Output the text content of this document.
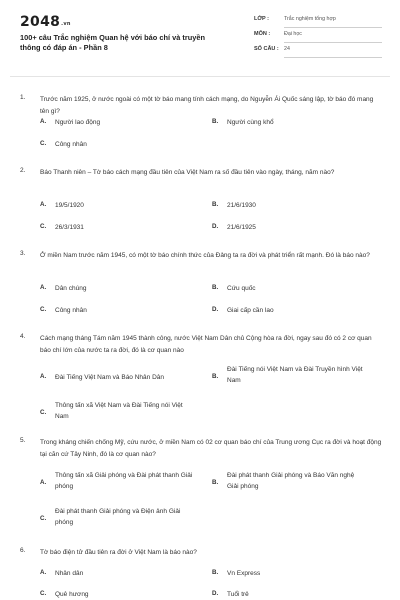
2048.vn
100+ câu Trắc nghiệm Quan hệ với báo chí và truyền thông có đáp án - Phần 8
LỚP :	Trắc nghiệm tổng hợp
MÔN :	Đại học
SỐ CÂU : 24
1. Trước năm 1925, ở nước ngoài có một tờ báo mang tính cách mạng, do Nguyễn Ái Quốc sáng lập, tờ báo đó mang tên gì?
A. Người lao động	B. Người cùng khổ
C. Công nhân
2. Báo Thanh niên – Tờ báo cách mạng đầu tiên của Việt Nam ra số đầu tiên vào ngày, tháng, năm nào?
A. 19/5/1920	B. 21/6/1930
C. 26/3/1931	D. 21/6/1925
3. Ở miền Nam trước năm 1945, có một tờ báo chính thức của Đảng ta ra đời và phát triển rất mạnh. Đó là báo nào?
A. Dân chúng	B. Cứu quốc
C. Công nhân	D. Giai cấp cần lao
4. Cách mạng tháng Tám năm 1945 thành công, nước Việt Nam Dân chủ Cộng hòa ra đời, ngay sau đó có 2 cơ quan báo chí lớn của nước ta ra đời, đó là cơ quan nào
A. Đài Tiếng Việt Nam và Báo Nhân Dân	B.
Đài Tiếng nói Việt Nam và Đài Truyền hình Việt Nam
C.
Thông tấn xã Việt Nam và Đài Tiếng nói Việt Nam
5. Trong kháng chiến chống Mỹ, cứu nước, ở miền Nam có 02 cơ quan báo chí của Trung ương Cục ra đời và hoạt động tại căn cứ Tây Ninh, đó là cơ quan nào?
A.
Thông tấn xã Giải phóng và Đài phát thanh Giải phóng	B.
Đài phát thanh Giải phóng và Báo Văn nghệ Giải phóng
C.
Đài phát thanh Giải phóng và Điện ảnh Giải phóng
6. Tờ báo điện tử đầu tiên ra đời ở Việt Nam là báo nào?
A. Nhân dân	B. Vn Express
C. Quê hương	D. Tuổi trẻ
